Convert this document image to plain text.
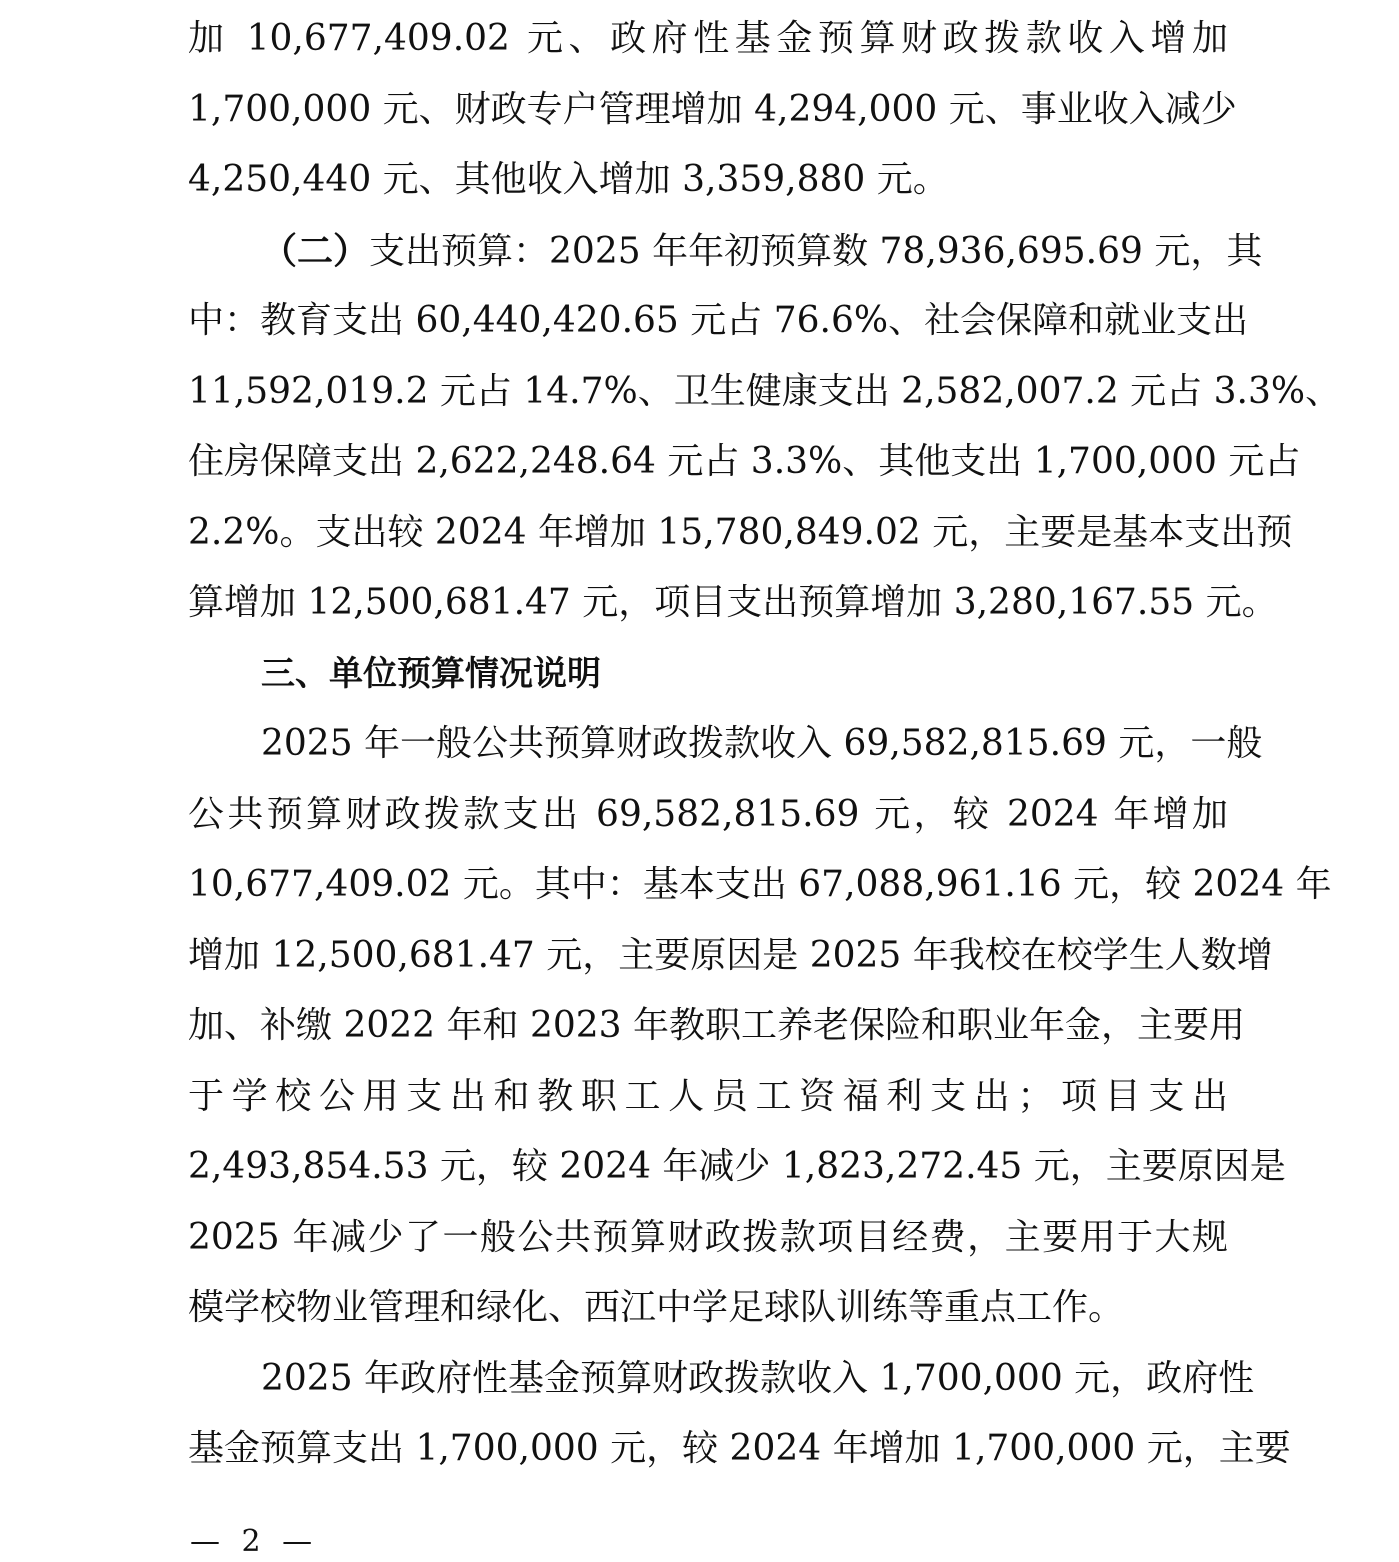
加 10,677,409.02 元、政府性基金预算财政拨款收入增加
1,700,000 元、财政专户管理增加 4,294,000 元、事业收入减少
4,250,440 元、其他收入增加 3,359,880 元。
（二）支出预算：2025 年年初预算数 78,936,695.69 元，其
中：教育支出 60,440,420.65 元占 76.6%、社会保障和就业支出
11,592,019.2 元占 14.7%、卫生健康支出 2,582,007.2 元占 3.3%、
住房保障支出 2,622,248.64 元占 3.3%、其他支出 1,700,000 元占
2.2%。支出较 2024 年增加 15,780,849.02 元，主要是基本支出预
算增加 12,500,681.47 元，项目支出预算增加 3,280,167.55 元。
三、单位预算情况说明
2025 年一般公共预算财政拨款收入 69,582,815.69 元，一般
公共预算财政拨款支出 69,582,815.69 元，较 2024 年增加
10,677,409.02 元。其中：基本支出 67,088,961.16 元，较 2024 年
增加 12,500,681.47 元，主要原因是 2025 年我校在校学生人数增
加、补缴 2022 年和 2023 年教职工养老保险和职业年金，主要用
于学校公用支出和教职工人员工资福利支出；项目支出
2,493,854.53 元，较 2024 年减少 1,823,272.45 元，主要原因是
2025 年减少了一般公共预算财政拨款项目经费，主要用于大规
模学校物业管理和绿化、西江中学足球队训练等重点工作。
2025 年政府性基金预算财政拨款收入 1,700,000 元，政府性
基金预算支出 1,700,000 元，较 2024 年增加 1,700,000 元，主要
— 2 —
